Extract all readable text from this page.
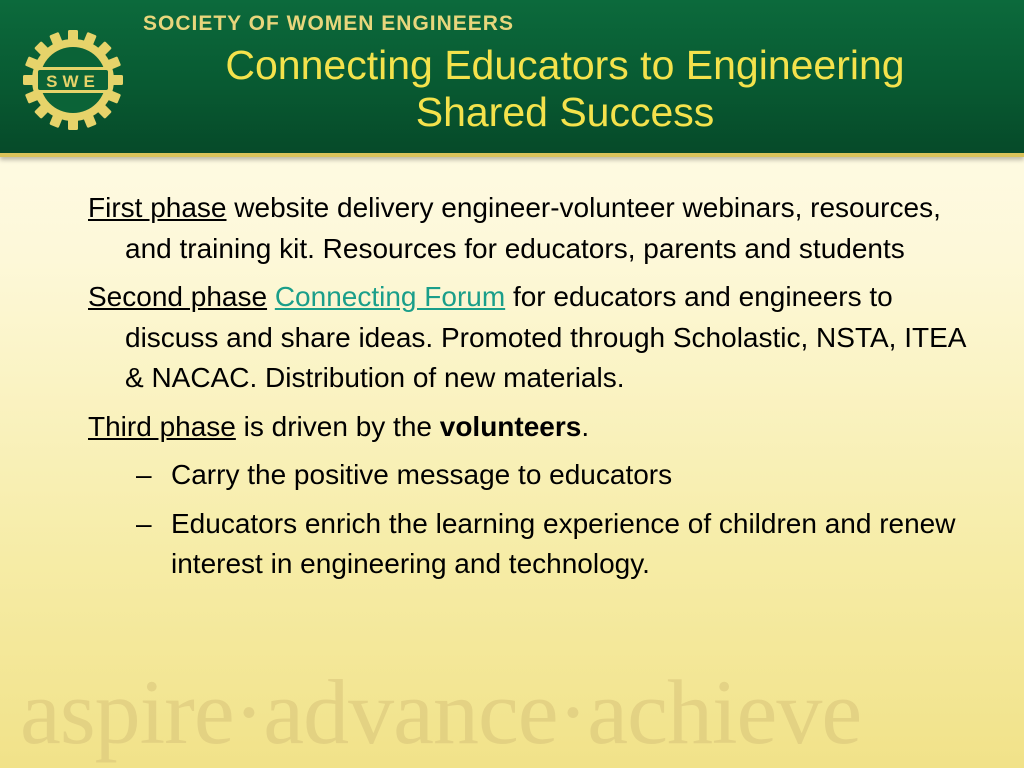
SWE
SOCIETY OF WOMEN ENGINEERS
Connecting Educators to Engineering
Shared Success

First phase website delivery engineer-volunteer webinars, resources, and training kit. Resources for educators, parents and students

Second phase Connecting Forum for educators and engineers to discuss and share ideas. Promoted through Scholastic, NSTA, ITEA & NACAC. Distribution of new materials.

Third phase is driven by the volunteers.

– Carry the positive message to educators
– Educators enrich the learning experience of children and renew interest in engineering and technology.
aspire·advance·achieve
